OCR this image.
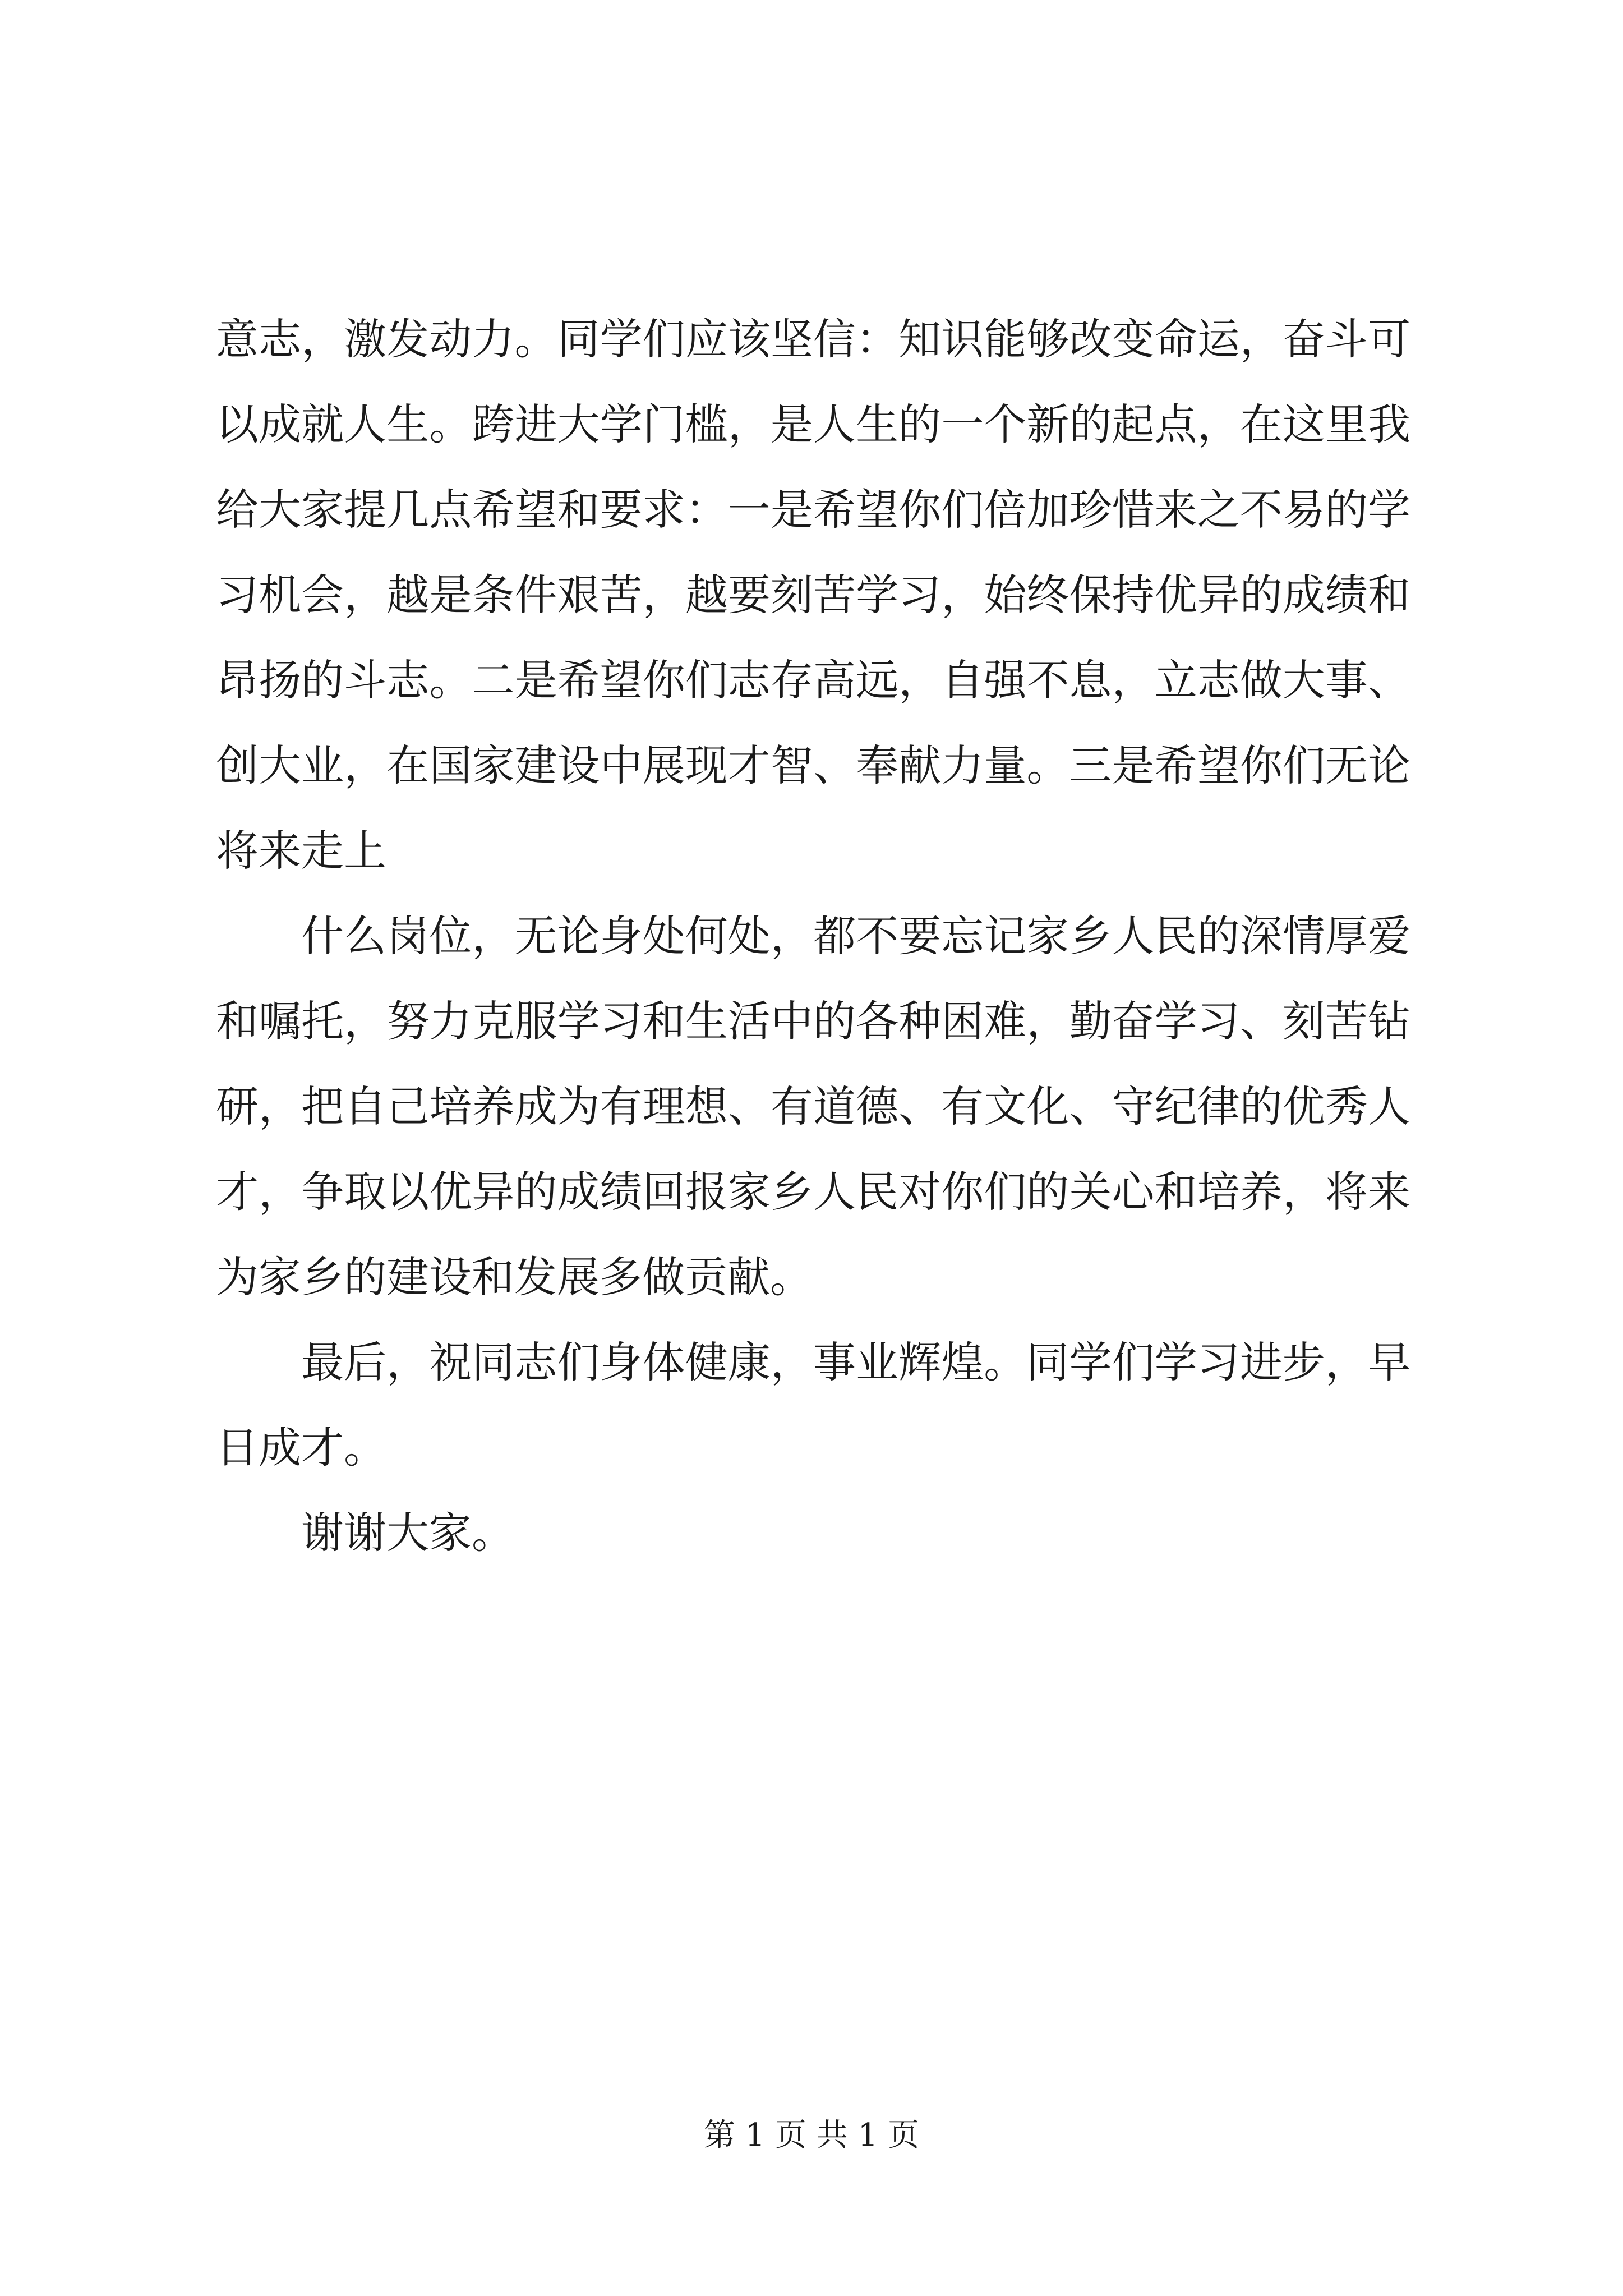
意志，激发动力。同学们应该坚信：知识能够改变命运，奋斗可
以成就人生。跨进大学门槛，是人生的一个新的起点，在这里我
给大家提几点希望和要求：一是希望你们倍加珍惜来之不易的学
习机会，越是条件艰苦，越要刻苦学习，始终保持优异的成绩和
昂扬的斗志。二是希望你们志存高远，自强不息，立志做大事、
创大业，在国家建设中展现才智、奉献力量。三是希望你们无论
将来走上
什么岗位，无论身处何处，都不要忘记家乡人民的深情厚爱
和嘱托，努力克服学习和生活中的各种困难，勤奋学习、刻苦钻
研，把自己培养成为有理想、有道德、有文化、守纪律的优秀人
才，争取以优异的成绩回报家乡人民对你们的关心和培养，将来
为家乡的建设和发展多做贡献。
最后，祝同志们身体健康，事业辉煌。同学们学习进步，早
日成才。
谢谢大家。
第 1 页 共 1 页
